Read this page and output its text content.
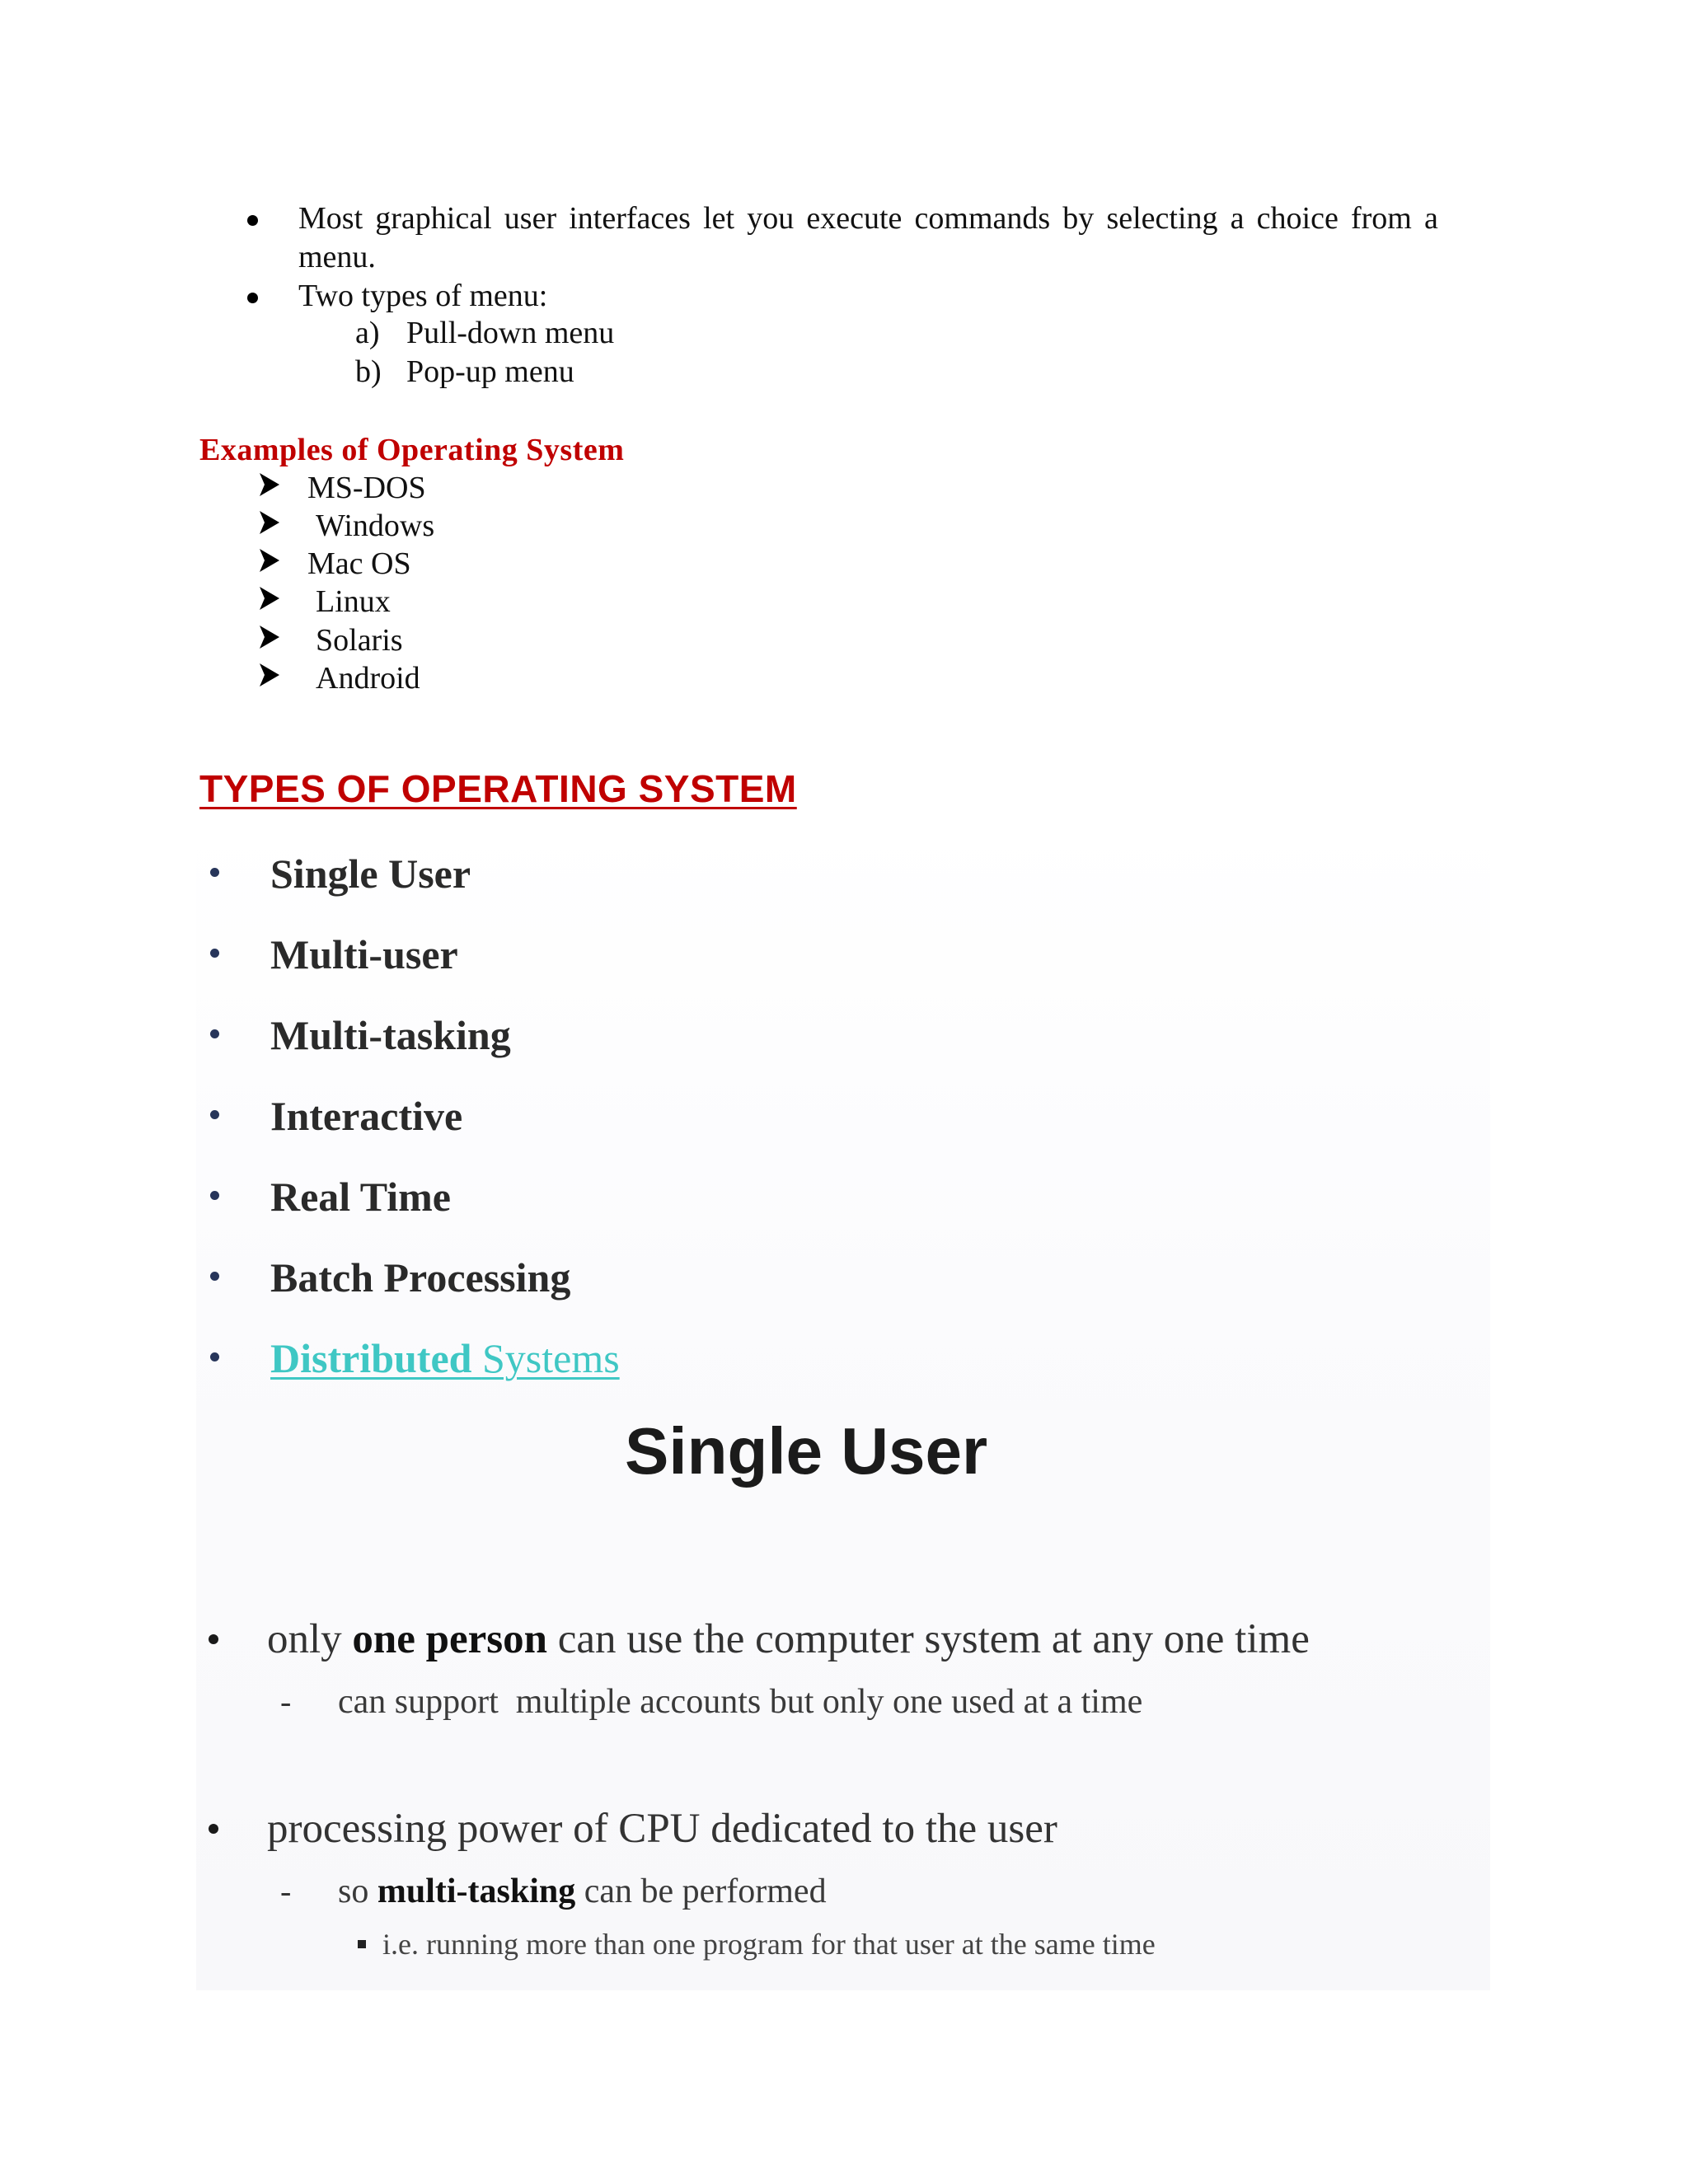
Most graphical user interfaces let you execute commands by selecting a choice from a
menu.
Two types of menu:
a) Pull-down menu
b) Pop-up menu
Examples of Operating System
MS-DOS
Windows
Mac OS
Linux
Solaris
Android
TYPES OF OPERATING SYSTEM
Single User
Multi-user
Multi-tasking
Interactive
Real Time
Batch Processing
Distributed Systems
Single User
only one person can use the computer system at any one time
- can support  multiple accounts but only one used at a time
processing power of CPU dedicated to the user
- so multi-tasking can be performed
i.e. running more than one program for that user at the same time
